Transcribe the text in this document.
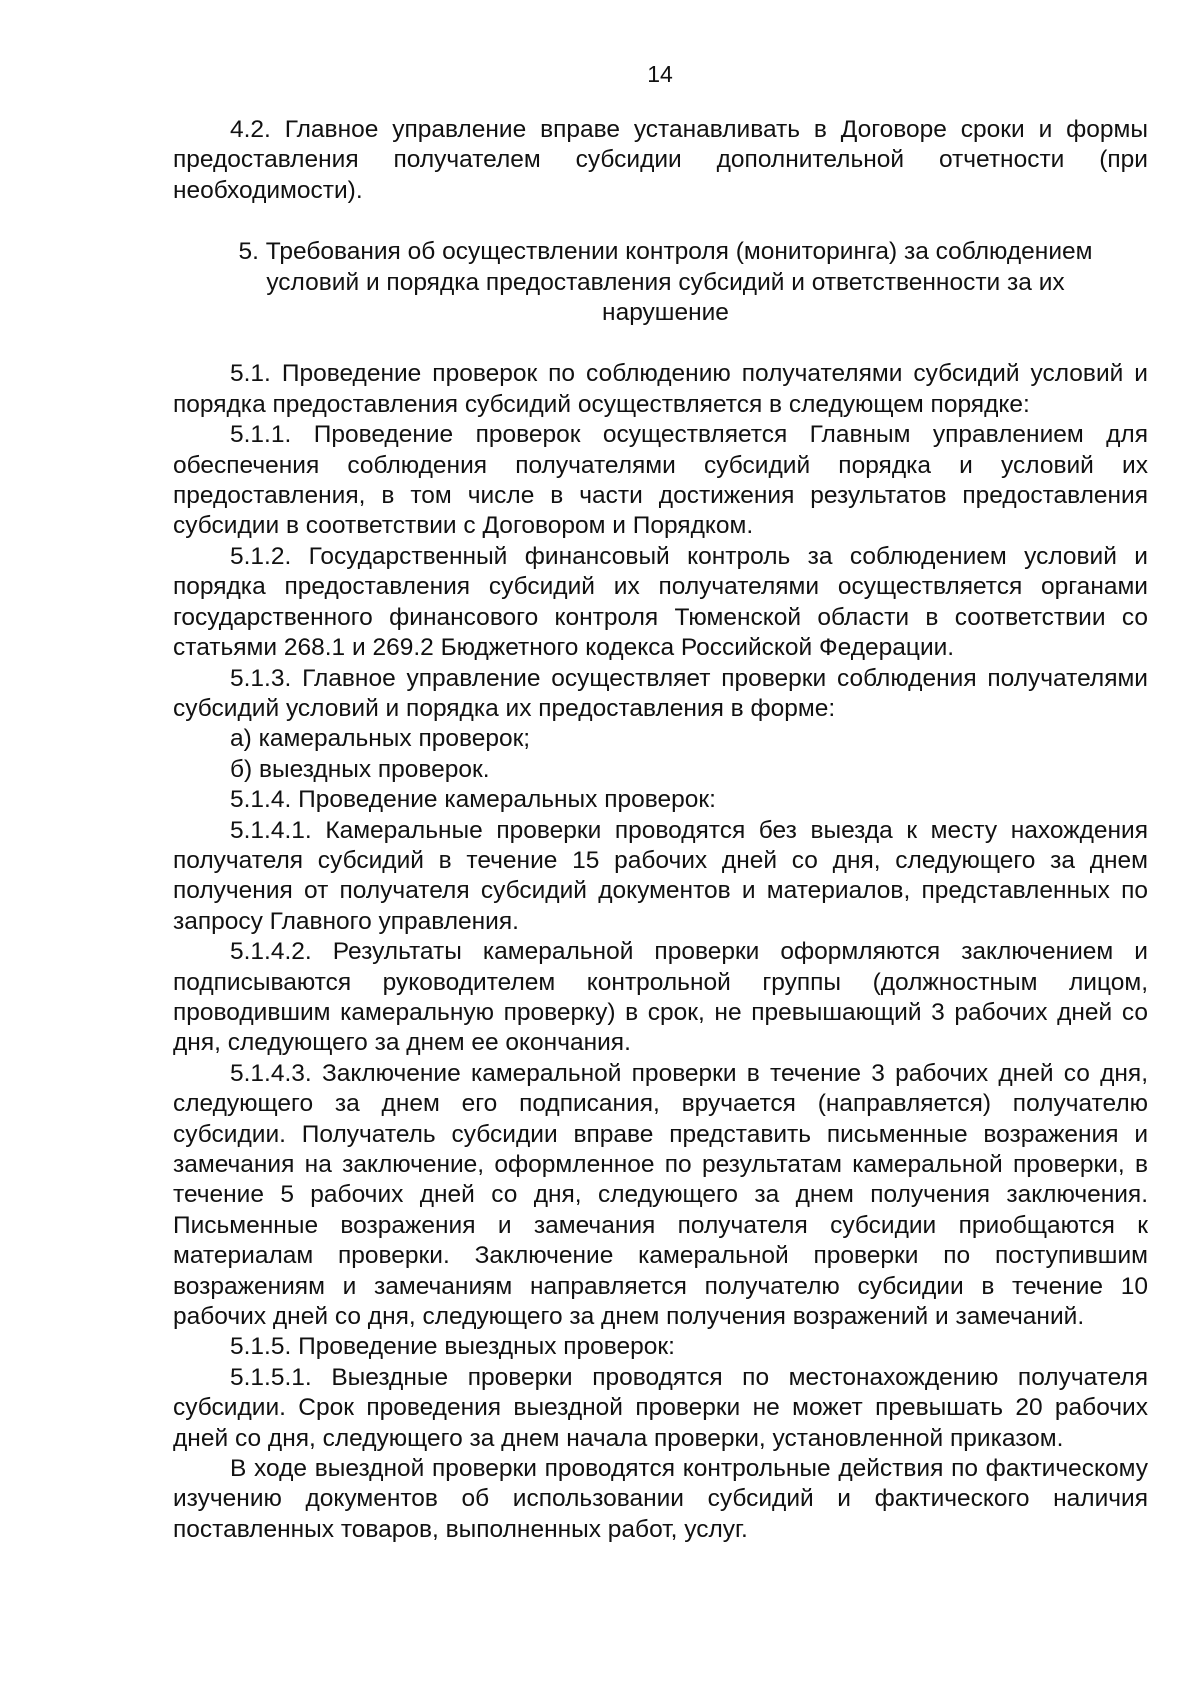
14

4.2. Главное управление вправе устанавливать в Договоре сроки и формы предоставления получателем субсидии дополнительной отчетности (при необходимости).

5. Требования об осуществлении контроля (мониторинга) за соблюдением условий и порядка предоставления субсидий и ответственности за их нарушение

5.1. Проведение проверок по соблюдению получателями субсидий условий и порядка предоставления субсидий осуществляется в следующем порядке:

5.1.1. Проведение проверок осуществляется Главным управлением для обеспечения соблюдения получателями субсидий порядка и условий их предоставления, в том числе в части достижения результатов предоставления субсидии в соответствии с Договором и Порядком.

5.1.2. Государственный финансовый контроль за соблюдением условий и порядка предоставления субсидий их получателями осуществляется органами государственного финансового контроля Тюменской области в соответствии со статьями 268.1 и 269.2 Бюджетного кодекса Российской Федерации.

5.1.3. Главное управление осуществляет проверки соблюдения получателями субсидий условий и порядка их предоставления в форме:

а) камеральных проверок;

б) выездных проверок.

5.1.4. Проведение камеральных проверок:

5.1.4.1. Камеральные проверки проводятся без выезда к месту нахождения получателя субсидий в течение 15 рабочих дней со дня, следующего за днем получения от получателя субсидий документов и материалов, представленных по запросу Главного управления.

5.1.4.2. Результаты камеральной проверки оформляются заключением и подписываются руководителем контрольной группы (должностным лицом, проводившим камеральную проверку) в срок, не превышающий 3 рабочих дней со дня, следующего за днем ее окончания.

5.1.4.3. Заключение камеральной проверки в течение 3 рабочих дней со дня, следующего за днем его подписания, вручается (направляется) получателю субсидии. Получатель субсидии вправе представить письменные возражения и замечания на заключение, оформленное по результатам камеральной проверки, в течение 5 рабочих дней со дня, следующего за днем получения заключения. Письменные возражения и замечания получателя субсидии приобщаются к материалам проверки. Заключение камеральной проверки по поступившим возражениям и замечаниям направляется получателю субсидии в течение 10 рабочих дней со дня, следующего за днем получения возражений и замечаний.

5.1.5. Проведение выездных проверок:

5.1.5.1. Выездные проверки проводятся по местонахождению получателя субсидии. Срок проведения выездной проверки не может превышать 20 рабочих дней со дня, следующего за днем начала проверки, установленной приказом.

В ходе выездной проверки проводятся контрольные действия по фактическому изучению документов об использовании субсидий и фактического наличия поставленных товаров, выполненных работ, услуг.
